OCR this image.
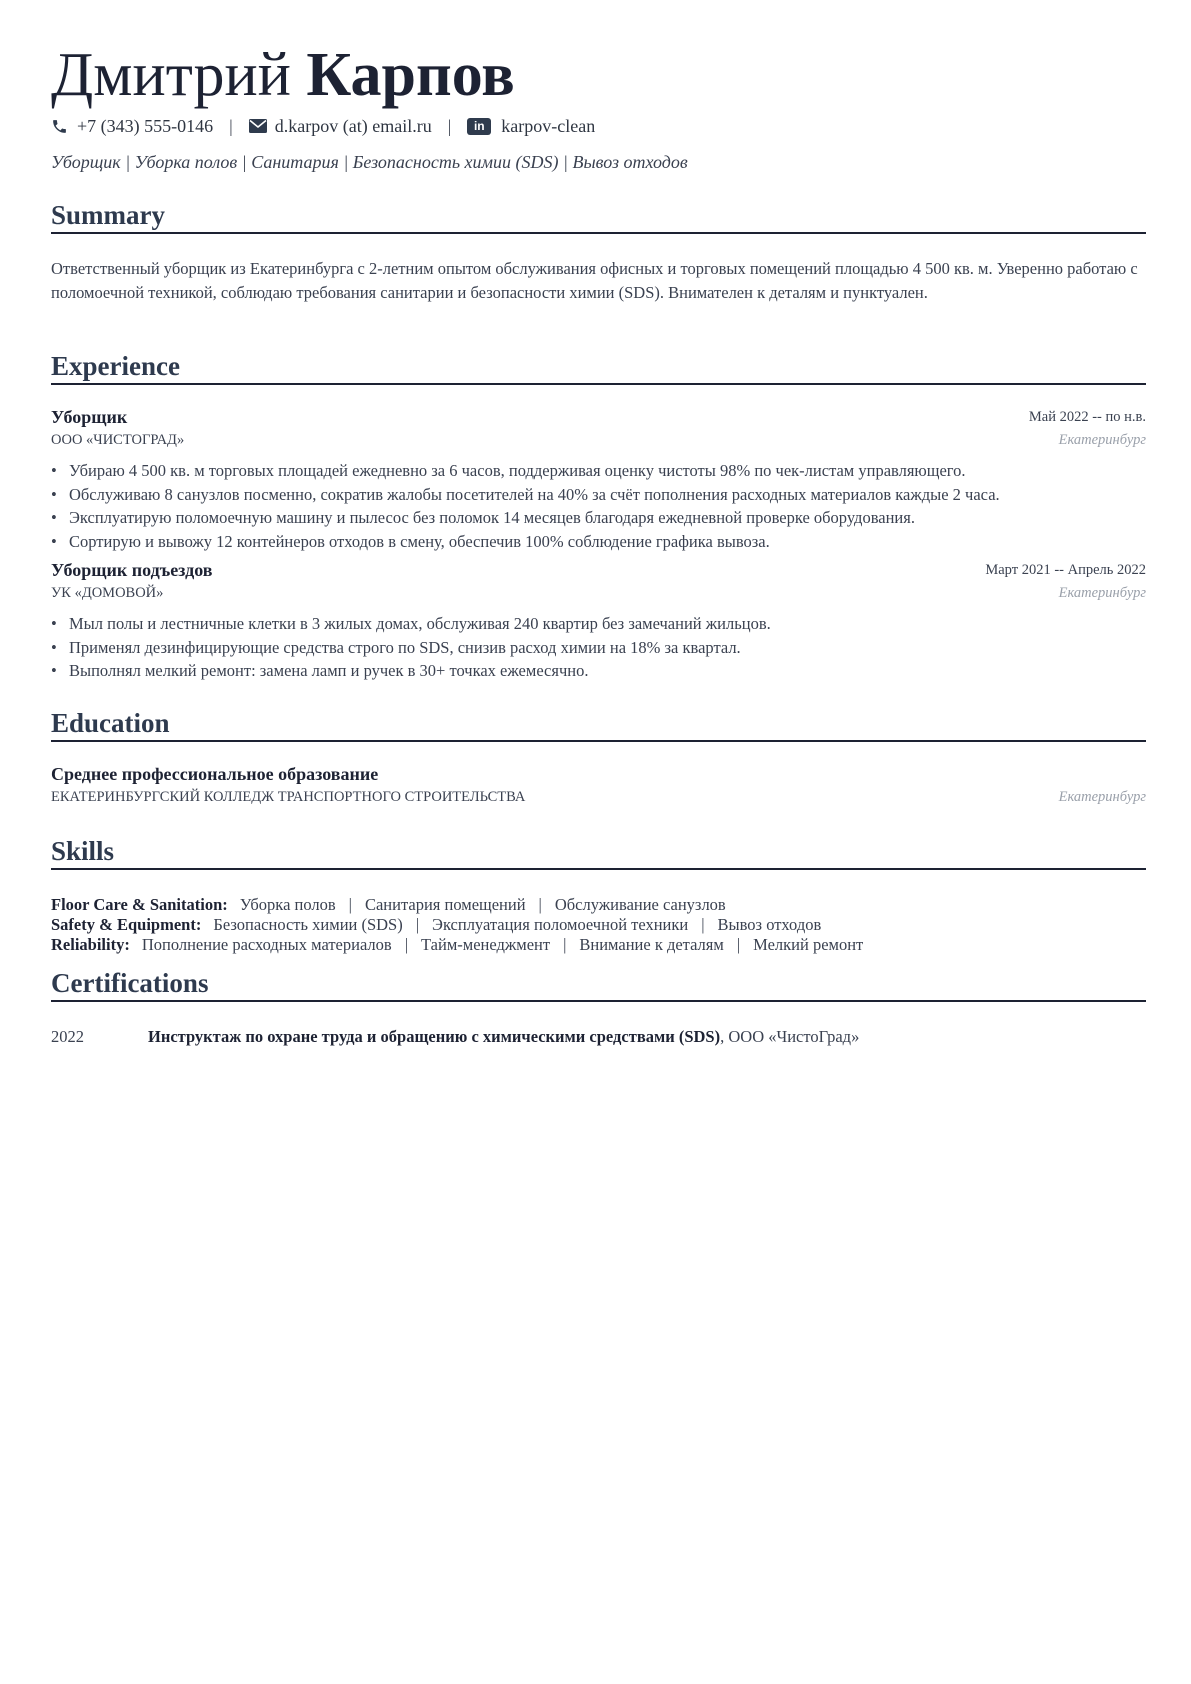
Дмитрий Карпов
+7 (343) 555-0146 | d.karpov (at) email.ru |	in karpov-clean
Уборщик | Уборка полов | Санитария | Безопасность химии (SDS) | Вывоз отходов
Summary
Ответственный уборщик из Екатеринбурга с 2-летним опытом обслуживания офисных и торговых помещений площадью 4 500 кв. м. Уверенно работаю с поломоечной техникой, соблюдаю требования санитарии и безопасности химии (SDS). Внимателен к деталям и пунктуален.
Experience
Уборщик	Май 2022 -- по н.в.
ООО «ЧИСТОГРАД»	Екатеринбург
• Убираю 4 500 кв. м торговых площадей ежедневно за 6 часов, поддерживая оценку чистоты 98% по чек-листам управляющего.
• Обслуживаю 8 санузлов посменно, сократив жалобы посетителей на 40% за счёт пополнения расходных материалов каждые 2 часа.
• Эксплуатирую поломоечную машину и пылесос без поломок 14 месяцев благодаря ежедневной проверке оборудования.
• Сортирую и вывожу 12 контейнеров отходов в смену, обеспечив 100% соблюдение графика вывоза.
Уборщик подъездов	Март 2021 -- Апрель 2022
УК «ДОМОВОЙ»	Екатеринбург
• Мыл полы и лестничные клетки в 3 жилых домах, обслуживая 240 квартир без замечаний жильцов.
• Применял дезинфицирующие средства строго по SDS, снизив расход химии на 18% за квартал.
• Выполнял мелкий ремонт: замена ламп и ручек в 30+ точках ежемесячно.
Education
Среднее профессиональное образование
ЕКАТЕРИНБУРГСКИЙ КОЛЛЕДЖ ТРАНСПОРТНОГО СТРОИТЕЛЬСТВА	Екатеринбург
Skills
Floor Care & Sanitation: Уборка полов | Санитария помещений | Обслуживание санузлов
Safety & Equipment: Безопасность химии (SDS) | Эксплуатация поломоечной техники | Вывоз отходов
Reliability: Пополнение расходных материалов | Тайм-менеджмент | Внимание к деталям | Мелкий ремонт
Certifications
2022	Инструктаж по охране труда и обращению с химическими средствами (SDS), ООО «ЧистоГрад»
